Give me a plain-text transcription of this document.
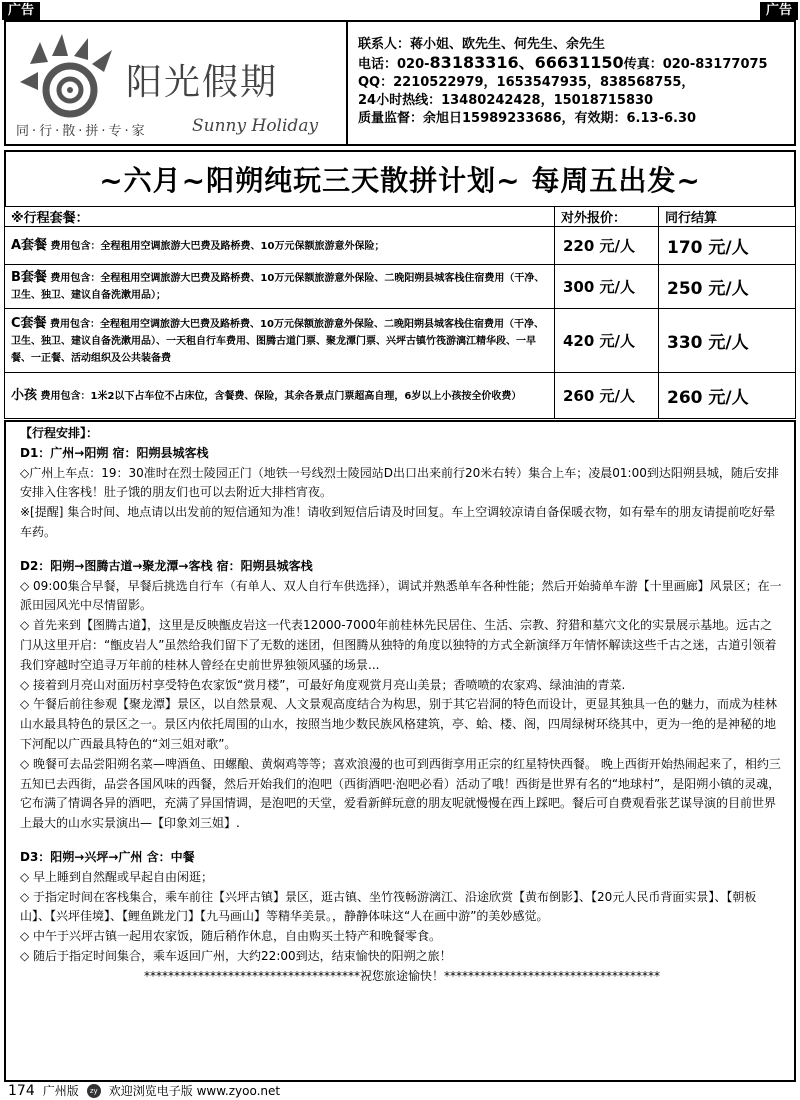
广告	广告
阳光假期
同·行·散·拼·专·家	Sunny Holiday
联系人：蒋小姐、欧先生、何先生、余先生
电话：020-83183316、66631150传真：020-83177075
QQ：2210522979，1653547935，838568755，
24小时热线：13480242428，15018715830
质量监督：余旭日15989233686，有效期：6.13-6.30
~六月~阳朔纯玩三天散拼计划~ 每周五出发~
※行程套餐：	对外报价：	同行结算
A套餐 费用包含：全程租用空调旅游大巴费及路桥费、10万元保额旅游意外保险；	220 元/人	170 元/人
B套餐 费用包含：全程租用空调旅游大巴费及路桥费、10万元保额旅游意外保险、二晚阳朔县城客栈住宿费用（干净、卫生、独卫、建议自备洗漱用品）；	300 元/人	250 元/人
C套餐 费用包含：全程租用空调旅游大巴费及路桥费、10万元保额旅游意外保险、二晚阳朔县城客栈住宿费用（干净、卫生、独卫、建议自备洗漱用品）、一天租自行车费用、图腾古道门票、聚龙潭门票、兴坪古镇竹筏游漓江精华段、一早餐、一正餐、活动组织及公共装备费	420 元/人	330 元/人
小孩 费用包含：1米2以下占车位不占床位，含餐费、保险，其余各景点门票超高自理，6岁以上小孩按全价收费）	260 元/人	260 元/人

【行程安排】：

D1：广州→阳朔 宿：阳朔县城客栈

◇广州上车点：19：30准时在烈士陵园正门（地铁一号线烈士陵园站D出口出来前行20米右转）集合上车；凌晨01:00到达阳朔县城，随后安排安排入住客栈！肚子饿的朋友们也可以去附近大排档宵夜。

※[提醒] 集合时间、地点请以出发前的短信通知为准！请收到短信后请及时回复。车上空调较凉请自备保暖衣物，如有晕车的朋友请提前吃好晕车药。

D2：阳朔→图腾古道→聚龙潭→客栈 宿：阳朔县城客栈

◇ 09:00集合早餐，早餐后挑选自行车（有单人、双人自行车供选择），调试并熟悉单车各种性能；然后开始骑单车游【十里画廊】风景区；在一派田园风光中尽情留影。

◇ 首先来到【图腾古道】，这里是反映甑皮岩这一代表12000-7000年前桂林先民居住、生活、宗教、狩猎和墓穴文化的实景展示基地。远古之门从这里开启：“甑皮岩人”虽然给我们留下了无数的迷团，但图腾从独特的角度以独特的方式全新演绎万年情怀解读这些千古之迷，古道引领着我们穿越时空追寻万年前的桂林人曾经在史前世界独领风骚的场景...

◇ 接着到月亮山对面历村享受特色农家饭“赏月楼”，可最好角度观赏月亮山美景；香喷喷的农家鸡、绿油油的青菜.

◇ 午餐后前往参观【聚龙潭】景区，以自然景观、人文景观高度结合为构思，别于其它岩洞的特色而设计，更显其独具一色的魅力，而成为桂林山水最具特色的景区之一。景区内依托周围的山水，按照当地少数民族风格建筑，亭、蛤、楼、阁，四周绿树环绕其中，更为一绝的是神秘的地下河配以广西最具特色的“刘三姐对歌”。

◇ 晚餐可去品尝阳朔名菜—啤酒鱼、田螺酿、黄焖鸡等等；喜欢浪漫的也可到西街享用正宗的红星特快西餐。 晚上西街开始热闹起来了，相约三五知已去西街，品尝各国风味的西餐，然后开始我们的泡吧（西街酒吧·泡吧必看）活动了哦！西街是世界有名的“地球村”，是阳朔小镇的灵魂，它布满了情调各异的酒吧，充满了异国情调，是泡吧的天堂，爱看新鲜玩意的朋友呢就慢慢在西上踩吧。餐后可自费观看张艺谋导演的目前世界上最大的山水实景演出—【印象刘三姐】.

D3：阳朔→兴坪→广州 含：中餐

◇ 早上睡到自然醒或早起自由闲逛；

◇ 于指定时间在客栈集合，乘车前往【兴坪古镇】景区，逛古镇、坐竹筏畅游漓江、沿途欣赏【黄布倒影】、【20元人民币背面实景】、【朝板山】、【兴坪佳境】、【鲤鱼跳龙门】【九马画山】等精华美景。，静静体味这“人在画中游”的美妙感觉。

◇ 中午于兴坪古镇一起用农家饭，随后稍作休息，自由购买土特产和晚餐零食。

◇ 随后于指定时间集合，乘车返回广州，大约22:00到达，结束愉快的阳朔之旅！

************************************祝您旅途愉快！************************************

174 广州版	zy 欢迎浏览电子版 www.zyoo.net
